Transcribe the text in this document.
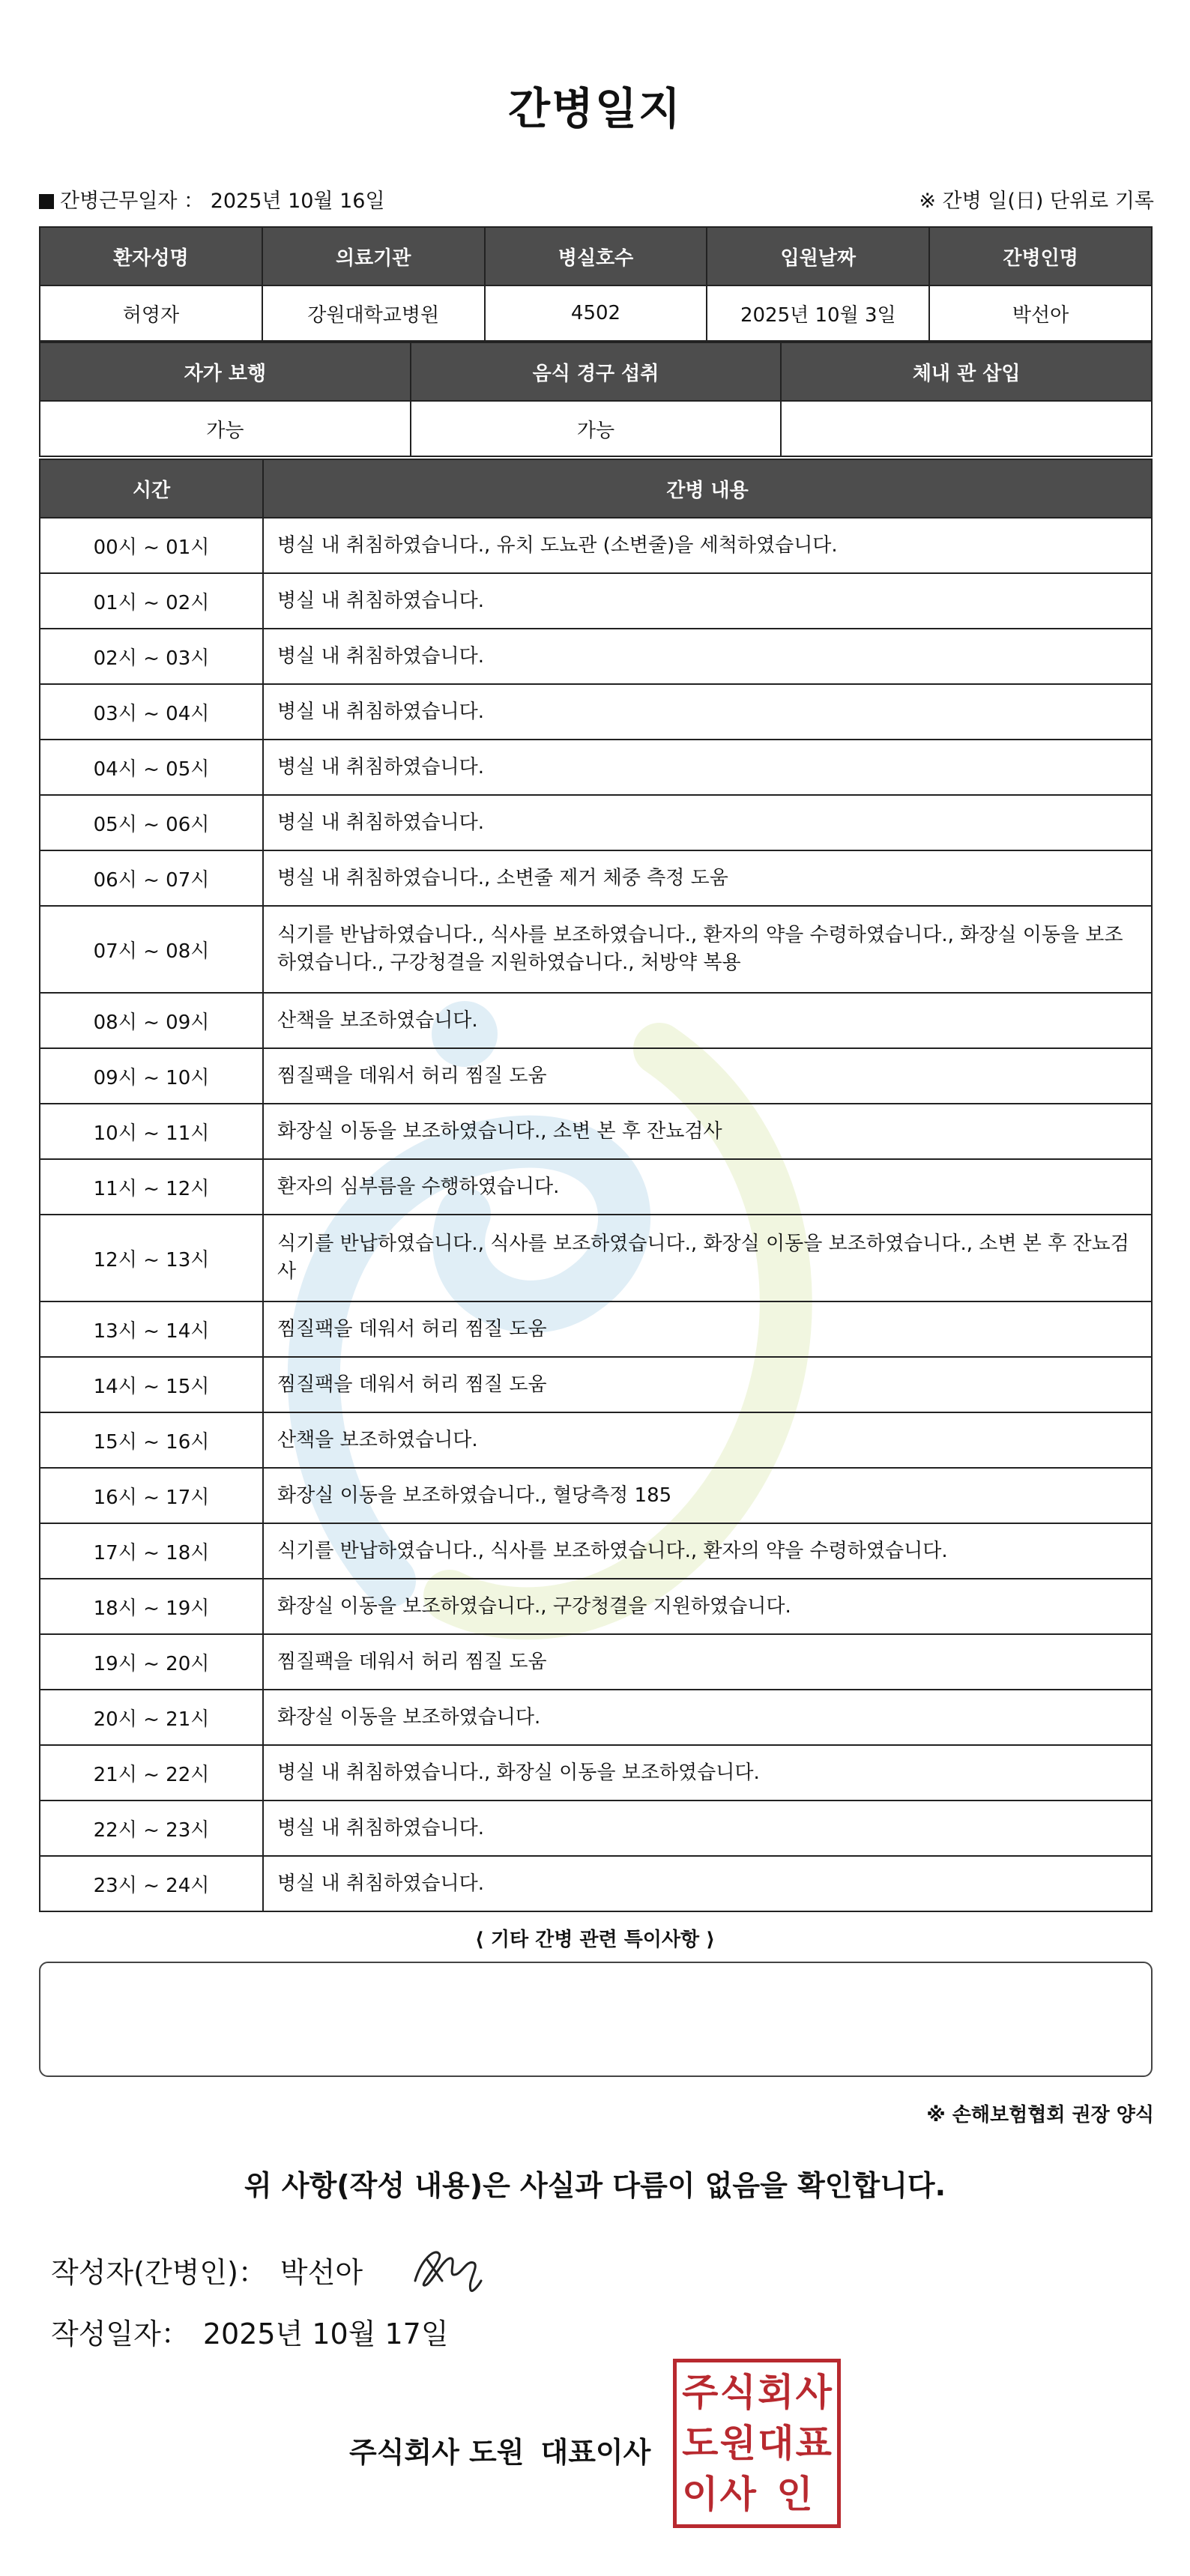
간병일지
간병근무일자 ： 2025년 10월 16일	※ 간병 일(日) 단위로 기록
환자성명	의료기관	병실호수	입원날짜	간병인명
허영자	강원대학교병원	4502	2025년 10월 3일	박선아
자가 보행	음식 경구 섭취	체내 관 삽입
가능	가능	
시간	간병 내용
00시 ~ 01시	병실 내 취침하였습니다., 유치 도뇨관 (소변줄)을 세척하였습니다.
01시 ~ 02시	병실 내 취침하였습니다.
02시 ~ 03시	병실 내 취침하였습니다.
03시 ~ 04시	병실 내 취침하였습니다.
04시 ~ 05시	병실 내 취침하였습니다.
05시 ~ 06시	병실 내 취침하였습니다.
06시 ~ 07시	병실 내 취침하였습니다., 소변줄 제거 체중 측정 도움
07시 ~ 08시	식기를 반납하였습니다., 식사를 보조하였습니다., 환자의 약을 수령하였습니다., 화장실 이동을 보조하였습니다., 구강청결을 지원하였습니다., 처방약 복용
08시 ~ 09시	산책을 보조하였습니다.
09시 ~ 10시	찜질팩을 데워서 허리 찜질 도움
10시 ~ 11시	화장실 이동을 보조하였습니다., 소변 본 후 잔뇨검사
11시 ~ 12시	환자의 심부름을 수행하였습니다.
12시 ~ 13시	식기를 반납하였습니다., 식사를 보조하였습니다., 화장실 이동을 보조하였습니다., 소변 본 후 잔뇨검사
13시 ~ 14시	찜질팩을 데워서 허리 찜질 도움
14시 ~ 15시	찜질팩을 데워서 허리 찜질 도움
15시 ~ 16시	산책을 보조하였습니다.
16시 ~ 17시	화장실 이동을 보조하였습니다., 혈당측정 185
17시 ~ 18시	식기를 반납하였습니다., 식사를 보조하였습니다., 환자의 약을 수령하였습니다.
18시 ~ 19시	화장실 이동을 보조하였습니다., 구강청결을 지원하였습니다.
19시 ~ 20시	찜질팩을 데워서 허리 찜질 도움
20시 ~ 21시	화장실 이동을 보조하였습니다.
21시 ~ 22시	병실 내 취침하였습니다., 화장실 이동을 보조하였습니다.
22시 ~ 23시	병실 내 취침하였습니다.
23시 ~ 24시	병실 내 취침하였습니다.
⟨ 기타 간병 관련 특이사항 ⟩
※ 손해보험협회 권장 양식
위 사항(작성 내용)은 사실과 다름이 없음을 확인합니다.
작성자(간병인)： 박선아
작성일자： 2025년 10월 17일
주식회사 도원 대표이사
주 식 회 사
도 원 대 표
이 사 인
